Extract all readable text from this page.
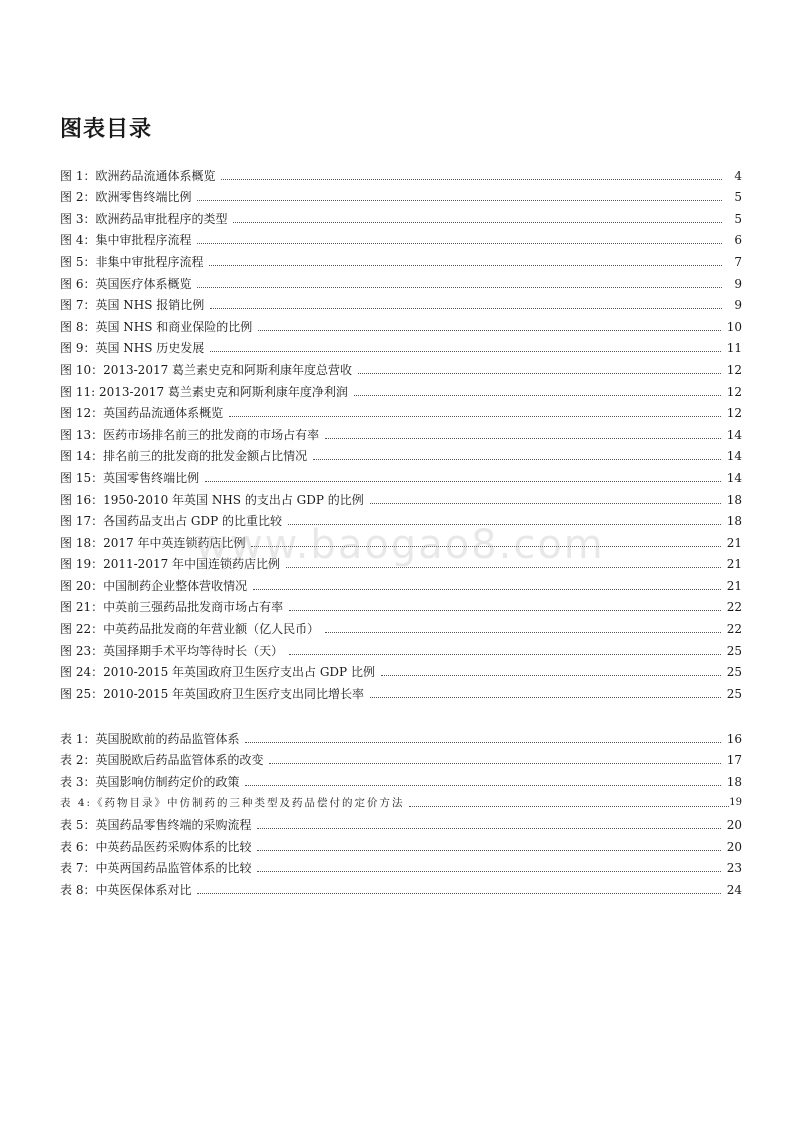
图表目录
图 1：欧洲药品流通体系概览	4
图 2：欧洲零售终端比例	5
图 3：欧洲药品审批程序的类型	5
图 4：集中审批程序流程	6
图 5：非集中审批程序流程	7
图 6：英国医疗体系概览	9
图 7：英国 NHS 报销比例	9
图 8：英国 NHS 和商业保险的比例	10
图 9：英国 NHS 历史发展	11
图 10：2013-2017 葛兰素史克和阿斯利康年度总营收	12
图 11: 2013-2017 葛兰素史克和阿斯利康年度净利润	12
图 12：英国药品流通体系概览	12
图 13：医药市场排名前三的批发商的市场占有率	14
图 14：排名前三的批发商的批发金额占比情况	14
图 15：英国零售终端比例	14
图 16：1950-2010 年英国 NHS 的支出占 GDP 的比例	18
图 17：各国药品支出占 GDP 的比重比较	18
图 18：2017 年中英连锁药店比例	21
图 19：2011-2017 年中国连锁药店比例	21
图 20：中国制药企业整体营收情况	21
图 21：中英前三强药品批发商市场占有率	22
图 22：中英药品批发商的年营业额（亿人民币）	22
图 23：英国择期手术平均等待时长（天）	25
图 24：2010-2015 年英国政府卫生医疗支出占 GDP 比例	25
图 25：2010-2015 年英国政府卫生医疗支出同比增长率	25
表 1：英国脱欧前的药品监管体系	16
表 2：英国脱欧后药品监管体系的改变	17
表 3：英国影响仿制药定价的政策	18
表 4:《药物目录》中仿制药的三种类型及药品偿付的定价方法	19
表 5：英国药品零售终端的采购流程	20
表 6：中英药品医药采购体系的比较	20
表 7：中英两国药品监管体系的比较	23
表 8：中英医保体系对比	24
www.baogao8.com
